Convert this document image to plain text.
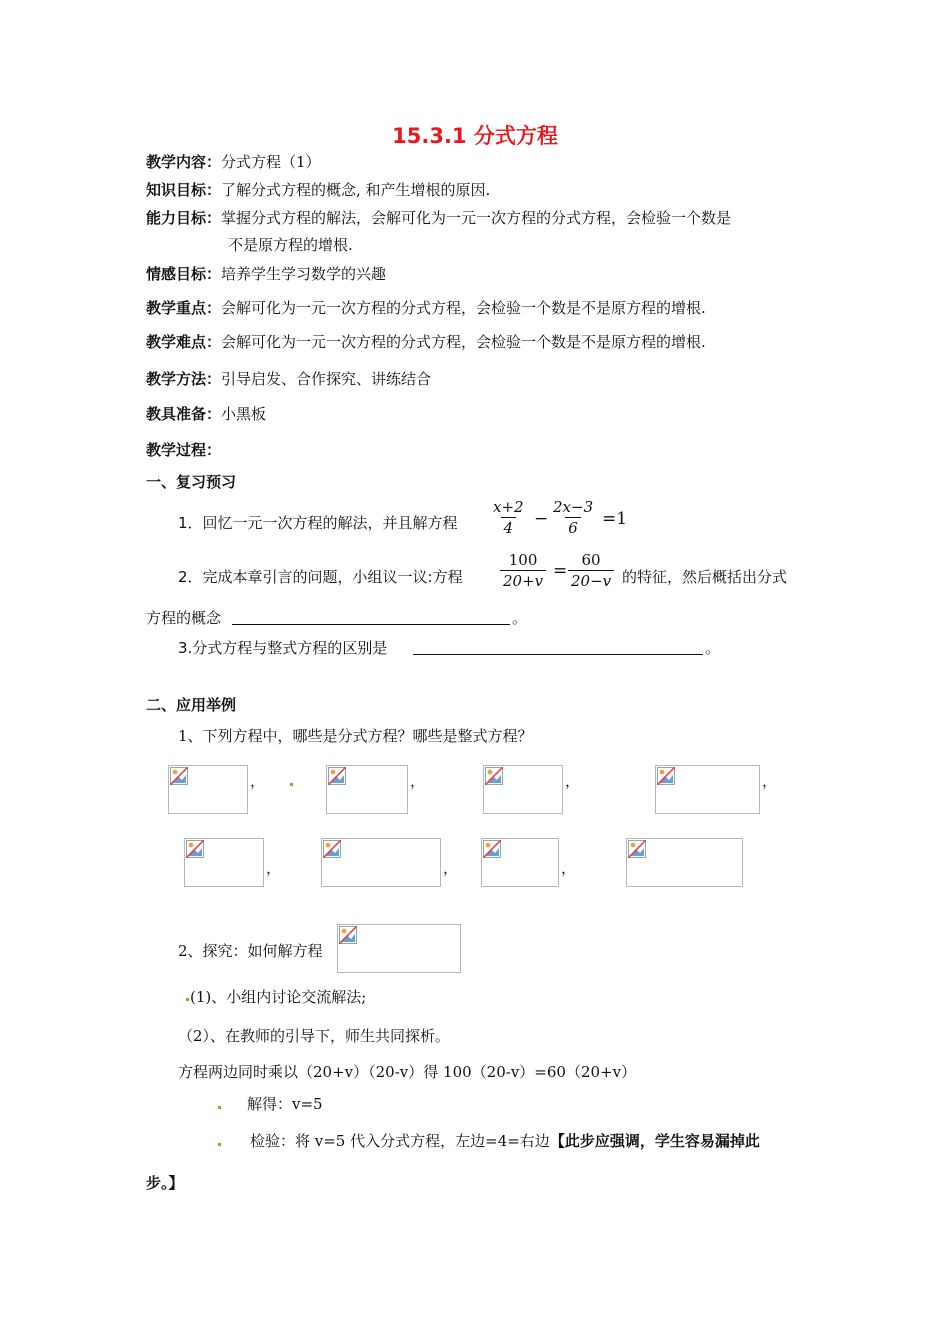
15.3.1 分式方程
教学内容：分式方程（1）
知识目标：了解分式方程的概念, 和产生增根的原因.
能力目标：掌握分式方程的解法，会解可化为一元一次方程的分式方程，会检验一个数是
不是原方程的增根.
情感目标：培养学生学习数学的兴趣
教学重点：会解可化为一元一次方程的分式方程，会检验一个数是不是原方程的增根.
教学难点：会解可化为一元一次方程的分式方程，会检验一个数是不是原方程的增根.
教学方法：引导启发、合作探究、讲练结合
教具准备：小黑板
教学过程：
一、复习预习
1．回忆一元一次方程的解法，并且解方程 $\frac{x+2}{4} - \frac{2x-3}{6} =1$
2．完成本章引言的问题，小组议一议:方程 $\frac{100}{20+v} = \frac{60}{20-v}$ 的特征，然后概括出分式
方程的概念	。
3.分式方程与整式方程的区别是	。
二、应用举例
1、下列方程中，哪些是分式方程？哪些是整式方程？
，	，	，	，
，	，	，
2、探究：如何解方程
(1)、小组内讨论交流解法;
（2）、在教师的引导下，师生共同探析。
方程两边同时乘以（20+v）（20-v）得 100（20-v）=60（20+v）
解得：v=5
检验：将 v=5 代入分式方程，左边=4=右边【此步应强调，学生容易漏掉此
步。】
